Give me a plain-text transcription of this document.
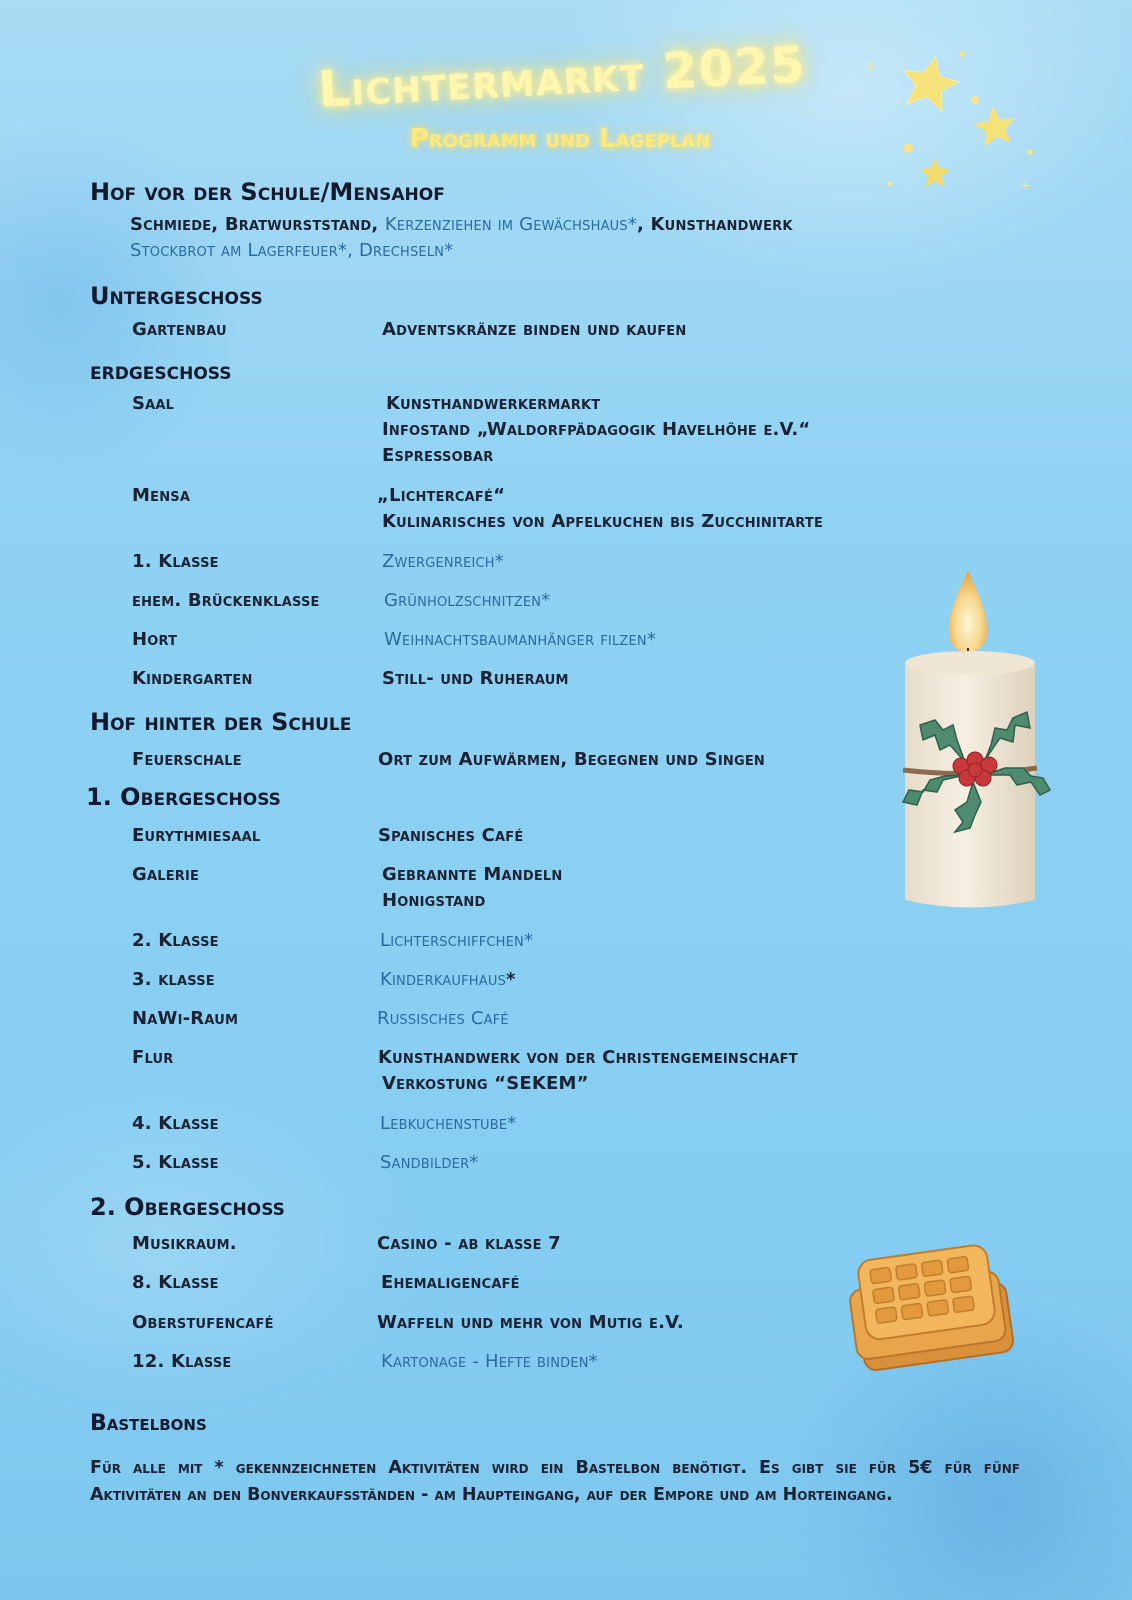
+
+
Lichtermarkt 2025
Programm und Lageplan
Hof vor der Schule/Mensahof
Schmiede, Bratwurststand, Kerzenziehen im Gewächshaus*, Kunsthandwerk
Stockbrot am Lagerfeuer*, Drechseln*
Untergeschoss
Gartenbau	Adventskränze binden und kaufen
erdgeschoss
Saal	Kunsthandwerkermarkt
Infostand „Waldorfpädagogik Havelhöhe e.V.“
Espressobar
Mensa	„Lichtercafé“
Kulinarisches von Apfelkuchen bis Zucchinitarte
1. Klasse	Zwergenreich*
ehem. Brückenklasse	Grünholzschnitzen*
Hort	Weihnachtsbaumanhänger filzen*
Kindergarten	Still- und Ruheraum
Hof hinter der Schule
Feuerschale	Ort zum Aufwärmen, Begegnen und Singen
1. Obergeschoss
Eurythmiesaal	Spanisches Café
Galerie	Gebrannte Mandeln
Honigstand
2. Klasse	Lichterschiffchen*
3. klasse	Kinderkaufhaus*
NaWi-Raum	Russisches Café
Flur	Kunsthandwerk von der Christengemeinschaft
Verkostung “SEKEM”
4. Klasse	Lebkuchenstube*
5. Klasse	Sandbilder*
2. Obergeschoss
Musikraum.	Casino - ab klasse 7
8. Klasse	Ehemaligencafé
Oberstufencafé	Waffeln und mehr von Mutig e.V.
12. Klasse	Kartonage - Hefte binden*
Bastelbons
Für alle mit * gekennzeichneten Aktivitäten wird ein Bastelbon benötigt. Es gibt sie für 5€ für fünf Aktivitäten an den Bonverkaufsständen - am Haupteingang, auf der Empore und am Horteingang.
